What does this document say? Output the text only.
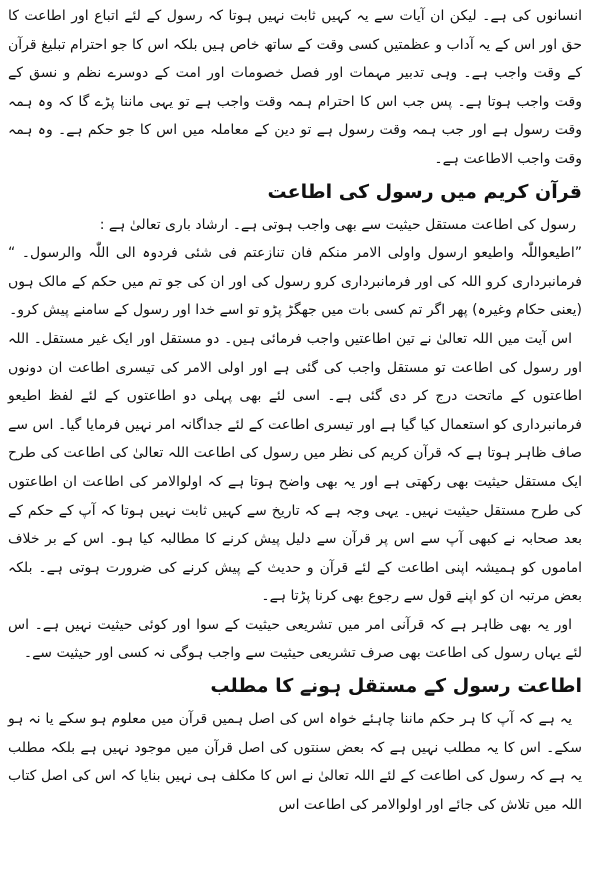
انسانوں کی ہے۔ لیکن ان آیات سے یہ کہیں ثابت نہیں ہوتا کہ رسول کے لئے اتباع اور اطاعت کا حق اور اس کے یہ آداب و عظمتیں کسی وقت کے ساتھ خاص ہیں بلکہ اس کا جو احترام تبلیغ قرآن کے وقت واجب ہے۔ وہی تدبیر مہمات اور فصل خصومات اور امت کے دوسرے نظم و نسق کے وقت واجب ہوتا ہے۔ پس جب اس کا احترام ہمہ وقت واجب ہے تو یہی ماننا پڑے گا کہ وہ ہمہ وقت رسول ہے اور جب ہمہ وقت رسول ہے تو دین کے معاملہ میں اس کا جو حکم ہے۔ وہ ہمہ وقت واجب الاطاعت ہے۔

قرآن کریم میں رسول کی اطاعت

رسول کی اطاعت مستقل حیثیت سے بھی واجب ہوتی ہے۔ ارشاد باری تعالیٰ ہے :

”اطیعواللّٰہ واطیعو ارسول واولی الامر منکم فان تنازعتم فی شئی فردوہ الی اللّٰہ والرسول۔ “ فرمانبرداری کرو اللہ کی اور فرمانبرداری کرو رسول کی اور ان کی جو تم میں حکم کے مالک ہوں (یعنی حکام وغیرہ) پھر اگر تم کسی بات میں جھگڑ پڑو تو اسے خدا اور رسول کے سامنے پیش کرو۔

اس آیت میں اللہ تعالیٰ نے تین اطاعتیں واجب فرمائی ہیں۔ دو مستقل اور ایک غیر مستقل۔ اللہ اور رسول کی اطاعت تو مستقل واجب کی گئی ہے اور اولی الامر کی تیسری اطاعت ان دونوں اطاعتوں کے ماتحت درج کر دی گئی ہے۔ اسی لئے بھی پہلی دو اطاعتوں کے لئے لفظ اطیعو فرمانبرداری کو استعمال کیا گیا ہے اور تیسری اطاعت کے لئے جداگانہ امر نہیں فرمایا گیا۔ اس سے صاف ظاہر ہوتا ہے کہ قرآن کریم کی نظر میں رسول کی اطاعت اللہ تعالیٰ کی اطاعت کی طرح ایک مستقل حیثیت بھی رکھتی ہے اور یہ بھی واضح ہوتا ہے کہ اولوالامر کی اطاعت ان اطاعتوں کی طرح مستقل حیثیت نہیں۔ یہی وجہ ہے کہ تاریخ سے کہیں ثابت نہیں ہوتا کہ آپ کے حکم کے بعد صحابہ نے کبھی آپ سے اس پر قرآن سے دلیل پیش کرنے کا مطالبہ کیا ہو۔ اس کے بر خلاف اماموں کو ہمیشہ اپنی اطاعت کے لئے قرآن و حدیث کے پیش کرنے کی ضرورت ہوتی ہے۔ بلکہ بعض مرتبہ ان کو اپنے قول سے رجوع بھی کرنا پڑتا ہے۔

اور یہ بھی ظاہر ہے کہ قرآنی امر میں تشریعی حیثیت کے سوا اور کوئی حیثیت نہیں ہے۔ اس لئے یہاں رسول کی اطاعت بھی صرف تشریعی حیثیت سے واجب ہوگی نہ کسی اور حیثیت سے۔

اطاعت رسول کے مستقل ہونے کا مطلب

یہ ہے کہ آپ کا ہر حکم ماننا چاہئے خواہ اس کی اصل ہمیں قرآن میں معلوم ہو سکے یا نہ ہو سکے۔ اس کا یہ مطلب نہیں ہے کہ بعض سنتوں کی اصل قرآن میں موجود نہیں ہے بلکہ مطلب یہ ہے کہ رسول کی اطاعت کے لئے اللہ تعالیٰ نے اس کا مکلف ہی نہیں بنایا کہ اس کی اصل کتاب اللہ میں تلاش کی جائے اور اولوالامر کی اطاعت اس
